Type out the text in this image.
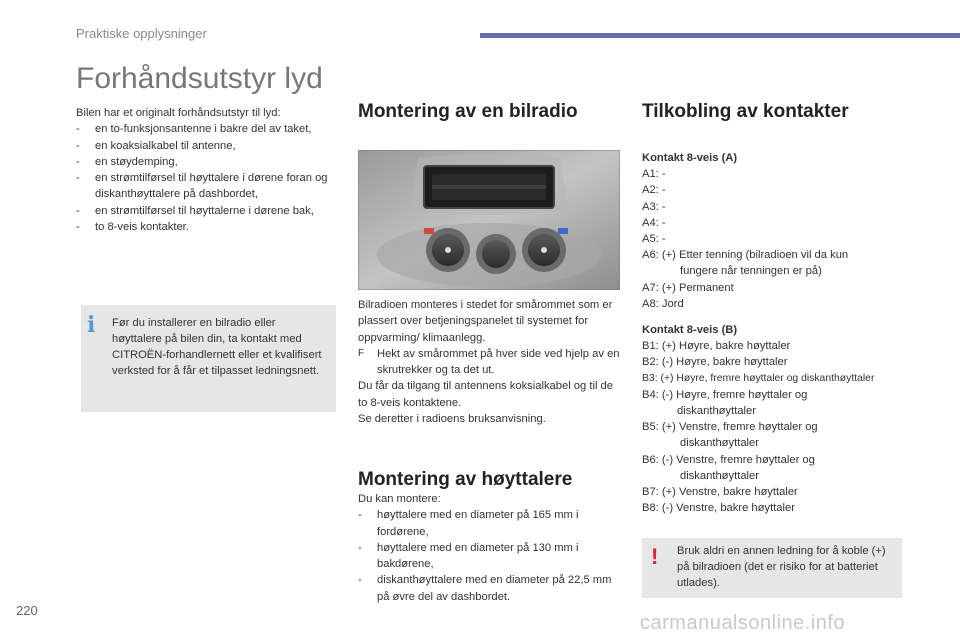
Praktiske opplysninger
Forhåndsutstyr lyd
Bilen har et originalt forhåndsutstyr til lyd:
- en to-funksjonsantenne i bakre del av taket,
- en koaksialkabel til antenne,
- en støydemping,
- en strømtilførsel til høyttalere i dørene foran og diskanthøyttalere på dashbordet,
- en strømtilførsel til høyttalerne i dørene bak,
- to 8-veis kontakter.
i	Før du installerer en bilradio eller høyttalere på bilen din, ta kontakt med CITROËN-forhandlernett eller et kvalifisert verksted for å får et tilpasset ledningsnett.
Montering av en bilradio
Bilradioen monteres i stedet for smårommet som er plassert over betjeningspanelet til systemet for oppvarming/ klimaanlegg.
F Hekt av smårommet på hver side ved hjelp av en skrutrekker og ta det ut.
Du får da tilgang til antennens koksialkabel og til de to 8-veis kontaktene.
Se deretter i radioens bruksanvisning.
Montering av høyttalere
Du kan montere:
- høyttalere med en diameter på 165 mm i fordørene,
- høyttalere med en diameter på 130 mm i bakdørene,
- diskanthøyttalere med en diameter på 22,5 mm på øvre del av dashbordet.
Tilkobling av kontakter
Kontakt 8-veis (A)
A1: -
A2: -
A3: -
A4: -
A5: -
A6: (+) Etter tenning (bilradioen vil da kun
fungere når tenningen er på)
A7: (+) Permanent
A8: Jord
Kontakt 8-veis (B)
B1: (+) Høyre, bakre høyttaler
B2: (-) Høyre, bakre høyttaler
B3: (+) Høyre, fremre høyttaler og diskanthøyttaler
B4: (-) Høyre, fremre høyttaler og
diskanthøyttaler
B5: (+) Venstre, fremre høyttaler og
diskanthøyttaler
B6: (-) Venstre, fremre høyttaler og
diskanthøyttaler
B7: (+) Venstre, bakre høyttaler
B8: (-) Venstre, bakre høyttaler
! Bruk aldri en annen ledning for å koble (+) på bilradioen (det er risiko for at batteriet utlades).
220
carmanualsonline.info
